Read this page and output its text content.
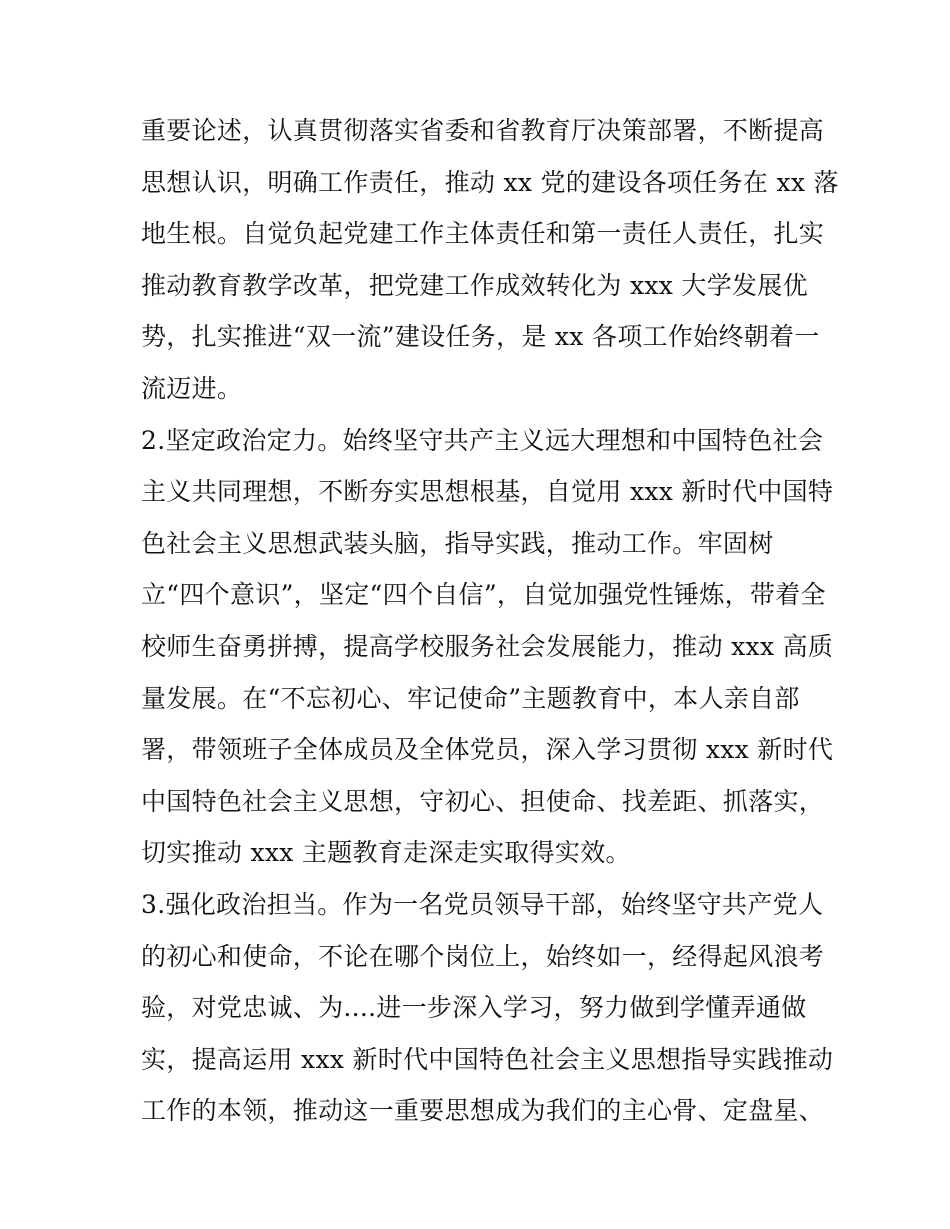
重要论述，认真贯彻落实省委和省教育厅决策部署，不断提高
思想认识，明确工作责任，推动 xx 党的建设各项任务在 xx 落
地生根。自觉负起党建工作主体责任和第一责任人责任，扎实
推动教育教学改革，把党建工作成效转化为 xxx 大学发展优
势，扎实推进“双一流”建设任务，是 xx 各项工作始终朝着一
流迈进。
2.坚定政治定力。始终坚守共产主义远大理想和中国特色社会
主义共同理想，不断夯实思想根基，自觉用 xxx 新时代中国特
色社会主义思想武装头脑，指导实践，推动工作。牢固树
立“四个意识”，坚定“四个自信”，自觉加强党性锤炼，带着全
校师生奋勇拼搏，提高学校服务社会发展能力，推动 xxx 高质
量发展。在“不忘初心、牢记使命”主题教育中，本人亲自部
署，带领班子全体成员及全体党员，深入学习贯彻 xxx 新时代
中国特色社会主义思想，守初心、担使命、找差距、抓落实，
切实推动 xxx 主题教育走深走实取得实效。
3.强化政治担当。作为一名党员领导干部，始终坚守共产党人
的初心和使命，不论在哪个岗位上，始终如一，经得起风浪考
验，对党忠诚、为....进一步深入学习，努力做到学懂弄通做
实，提高运用 xxx 新时代中国特色社会主义思想指导实践推动
工作的本领，推动这一重要思想成为我们的主心骨、定盘星、
